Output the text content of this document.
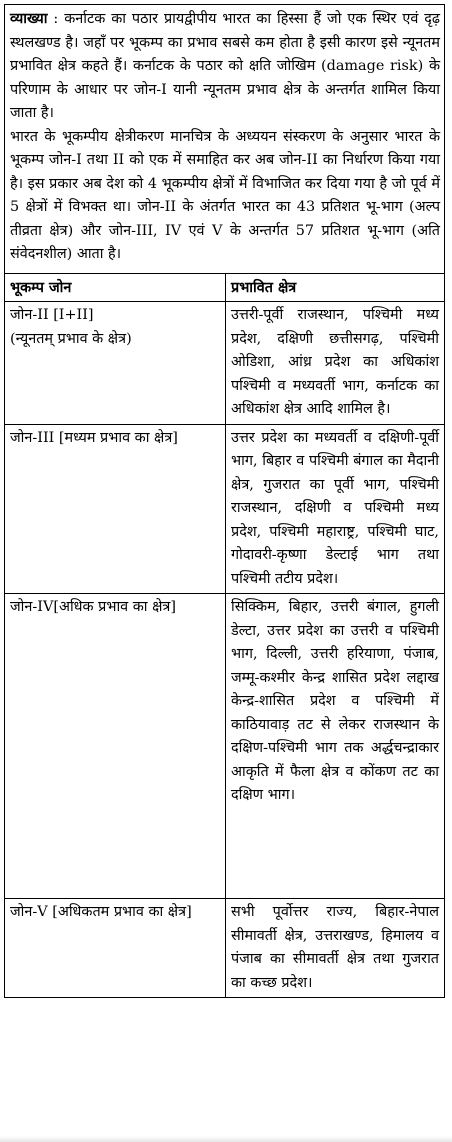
व्याख्या : कर्नाटक का पठार प्रायद्वीपीय भारत का हिस्सा हैं जो एक स्थिर एवं दृढ़ स्थलखण्ड है। जहाँ पर भूकम्प का प्रभाव सबसे कम होता है इसी कारण इसे न्यूनतम प्रभावित क्षेत्र कहते हैं। कर्नाटक के पठार को क्षति जोखिम (damage risk) के परिणाम के आधार पर जोन-I यानी न्यूनतम प्रभाव क्षेत्र के अन्तर्गत शामिल किया जाता है।

भारत के भूकम्पीय क्षेत्रीकरण मानचित्र के अध्ययन संस्करण के अनुसार भारत के भूकम्प जोन-I तथा II को एक में समाहित कर अब जोन-II का निर्धारण किया गया है। इस प्रकार अब देश को 4 भूकम्पीय क्षेत्रों में विभाजित कर दिया गया है जो पूर्व में 5 क्षेत्रों में विभक्त था। जोन-II के अंतर्गत भारत का 43 प्रतिशत भू-भाग (अल्प तीव्रता क्षेत्र) और जोन-III, IV एवं V के अन्तर्गत 57 प्रतिशत भू-भाग (अति संवेदनशील) आता है।

भूकम्प जोन	प्रभावित क्षेत्र

जोन-II [I+II]
(न्यूनतम् प्रभाव के क्षेत्र)	उत्तरी-पूर्वी राजस्थान, पश्चिमी मध्य प्रदेश, दक्षिणी छत्तीसगढ़, पश्चिमी ओडिशा, आंध्र प्रदेश का अधिकांश पश्चिमी व मध्यवर्ती भाग, कर्नाटक का अधिकांश क्षेत्र आदि शामिल है।

जोन-III [मध्यम प्रभाव का क्षेत्र]	उत्तर प्रदेश का मध्यवर्ती व दक्षिणी-पूर्वी भाग, बिहार व पश्चिमी बंगाल का मैदानी क्षेत्र, गुजरात का पूर्वी भाग, पश्चिमी राजस्थान, दक्षिणी व पश्चिमी मध्य प्रदेश, पश्चिमी महाराष्ट्र, पश्चिमी घाट, गोदावरी-कृष्णा डेल्टाई भाग तथा पश्चिमी तटीय प्रदेश।

जोन-IV[अधिक प्रभाव का क्षेत्र]	सिक्किम, बिहार, उत्तरी बंगाल, हुगली डेल्टा, उत्तर प्रदेश का उत्तरी व पश्चिमी भाग, दिल्ली, उत्तरी हरियाणा, पंजाब, जम्मू-कश्मीर केन्द्र शासित प्रदेश लद्दाख केन्द्र-शासित प्रदेश व पश्चिमी में काठियावाड़ तट से लेकर राजस्थान के दक्षिण-पश्चिमी भाग तक अर्द्धचन्द्राकार आकृति में फैला क्षेत्र व कोंकण तट का दक्षिण भाग।

जोन-V [अधिकतम प्रभाव का क्षेत्र]	सभी पूर्वोत्तर राज्य, बिहार-नेपाल सीमावर्ती क्षेत्र, उत्तराखण्ड, हिमालय व पंजाब का सीमावर्ती क्षेत्र तथा गुजरात का कच्छ प्रदेश।
